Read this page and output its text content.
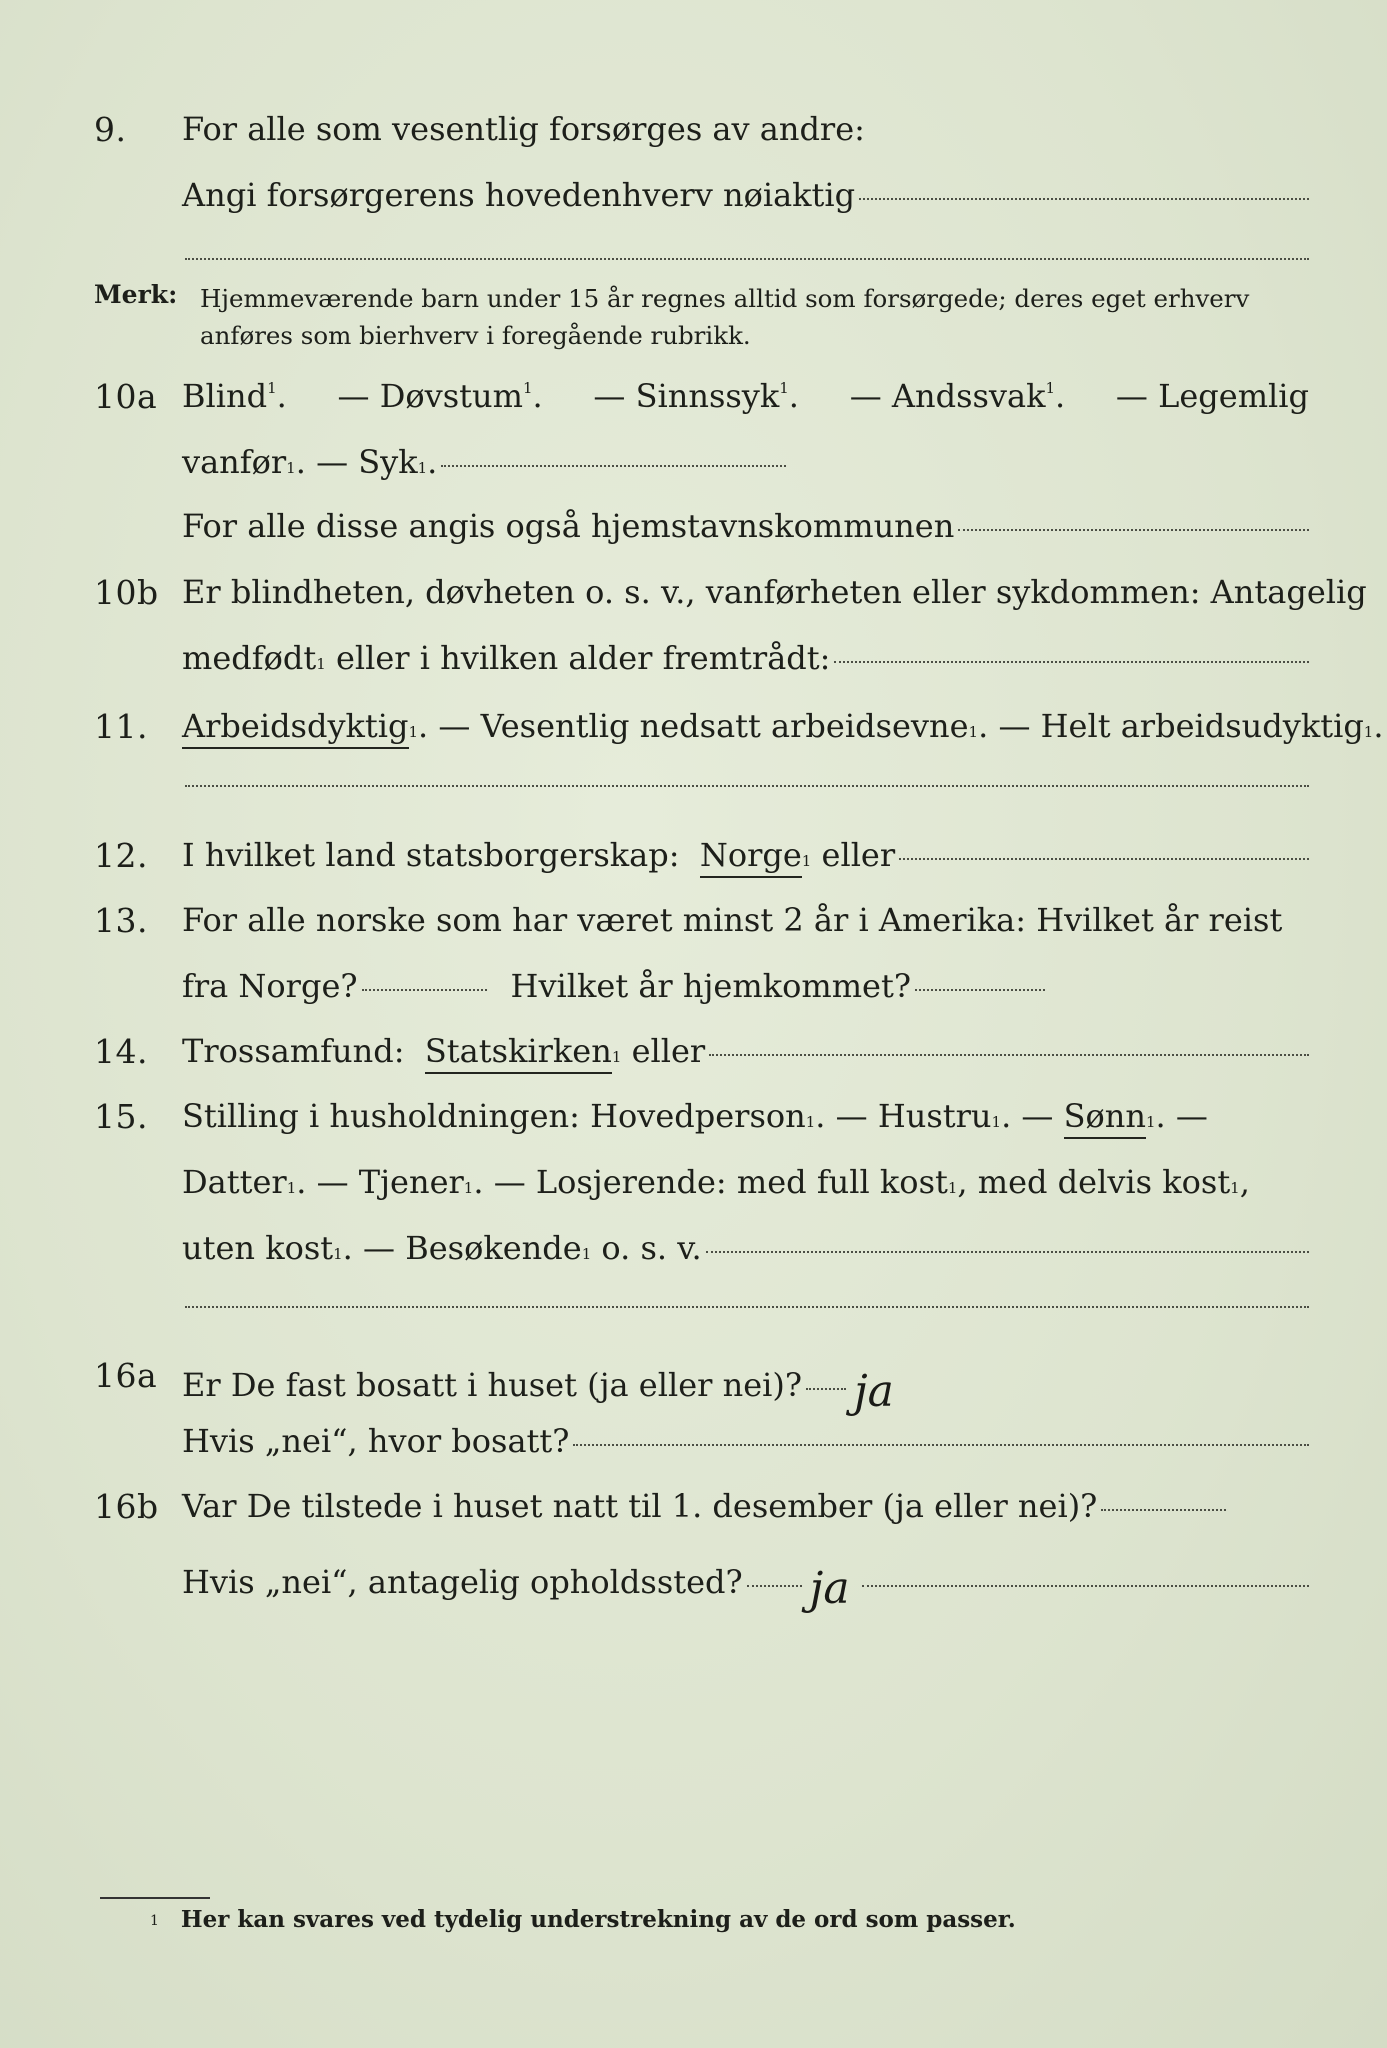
9. For alle som vesentlig forsørges av andre:
Angi forsørgerens hovedenhverv nøiaktig
Merk: Hjemmeværende barn under 15 år regnes alltid som forsørgede; deres eget erhverv anføres som bierhverv i foregående rubrikk.
10a Blind$^1$. — Døvstum$^1$. — Sinnssyk$^1$. — Andssvak$^1$. — Legemlig
vanfør 1 . — Syk 1 .
For alle disse angis også hjemstavnskommunen
10b Er blindheten, døvheten o. s. v., vanførheten eller sykdommen: Antagelig
medfødt 1
eller i hvilken alder fremtrådt:
11. Arbeidsdyktig 1 . — Vesentlig nedsatt arbeidsevne 1 . — Helt arbeidsudyktig 1 .
12. I hvilket land statsborgerskap:
Norge 1
eller
13. For alle norske som har været minst 2 år i Amerika: Hvilket år reist
fra Norge?	Hvilket år hjemkommet?
14. Trossamfund:
Statskirken 1
eller
15. Stilling i husholdningen: Hovedperson 1 . — Hustru 1 . — Sønn 1 . —
Datter 1 . — Tjener 1 . — Losjerende: med full kost 1 , med delvis kost 1 ,
uten kost 1 . — Besøkende 1
o. s. v.
16a Er De fast bosatt i huset (ja eller nei)? ja
Hvis „nei“, hvor bosatt?
16b Var De tilstede i huset natt til 1. desember (ja eller nei)?
Hvis „nei“, antagelig opholdssted? ja
1 Her kan svares ved tydelig understrekning av de ord som passer.
